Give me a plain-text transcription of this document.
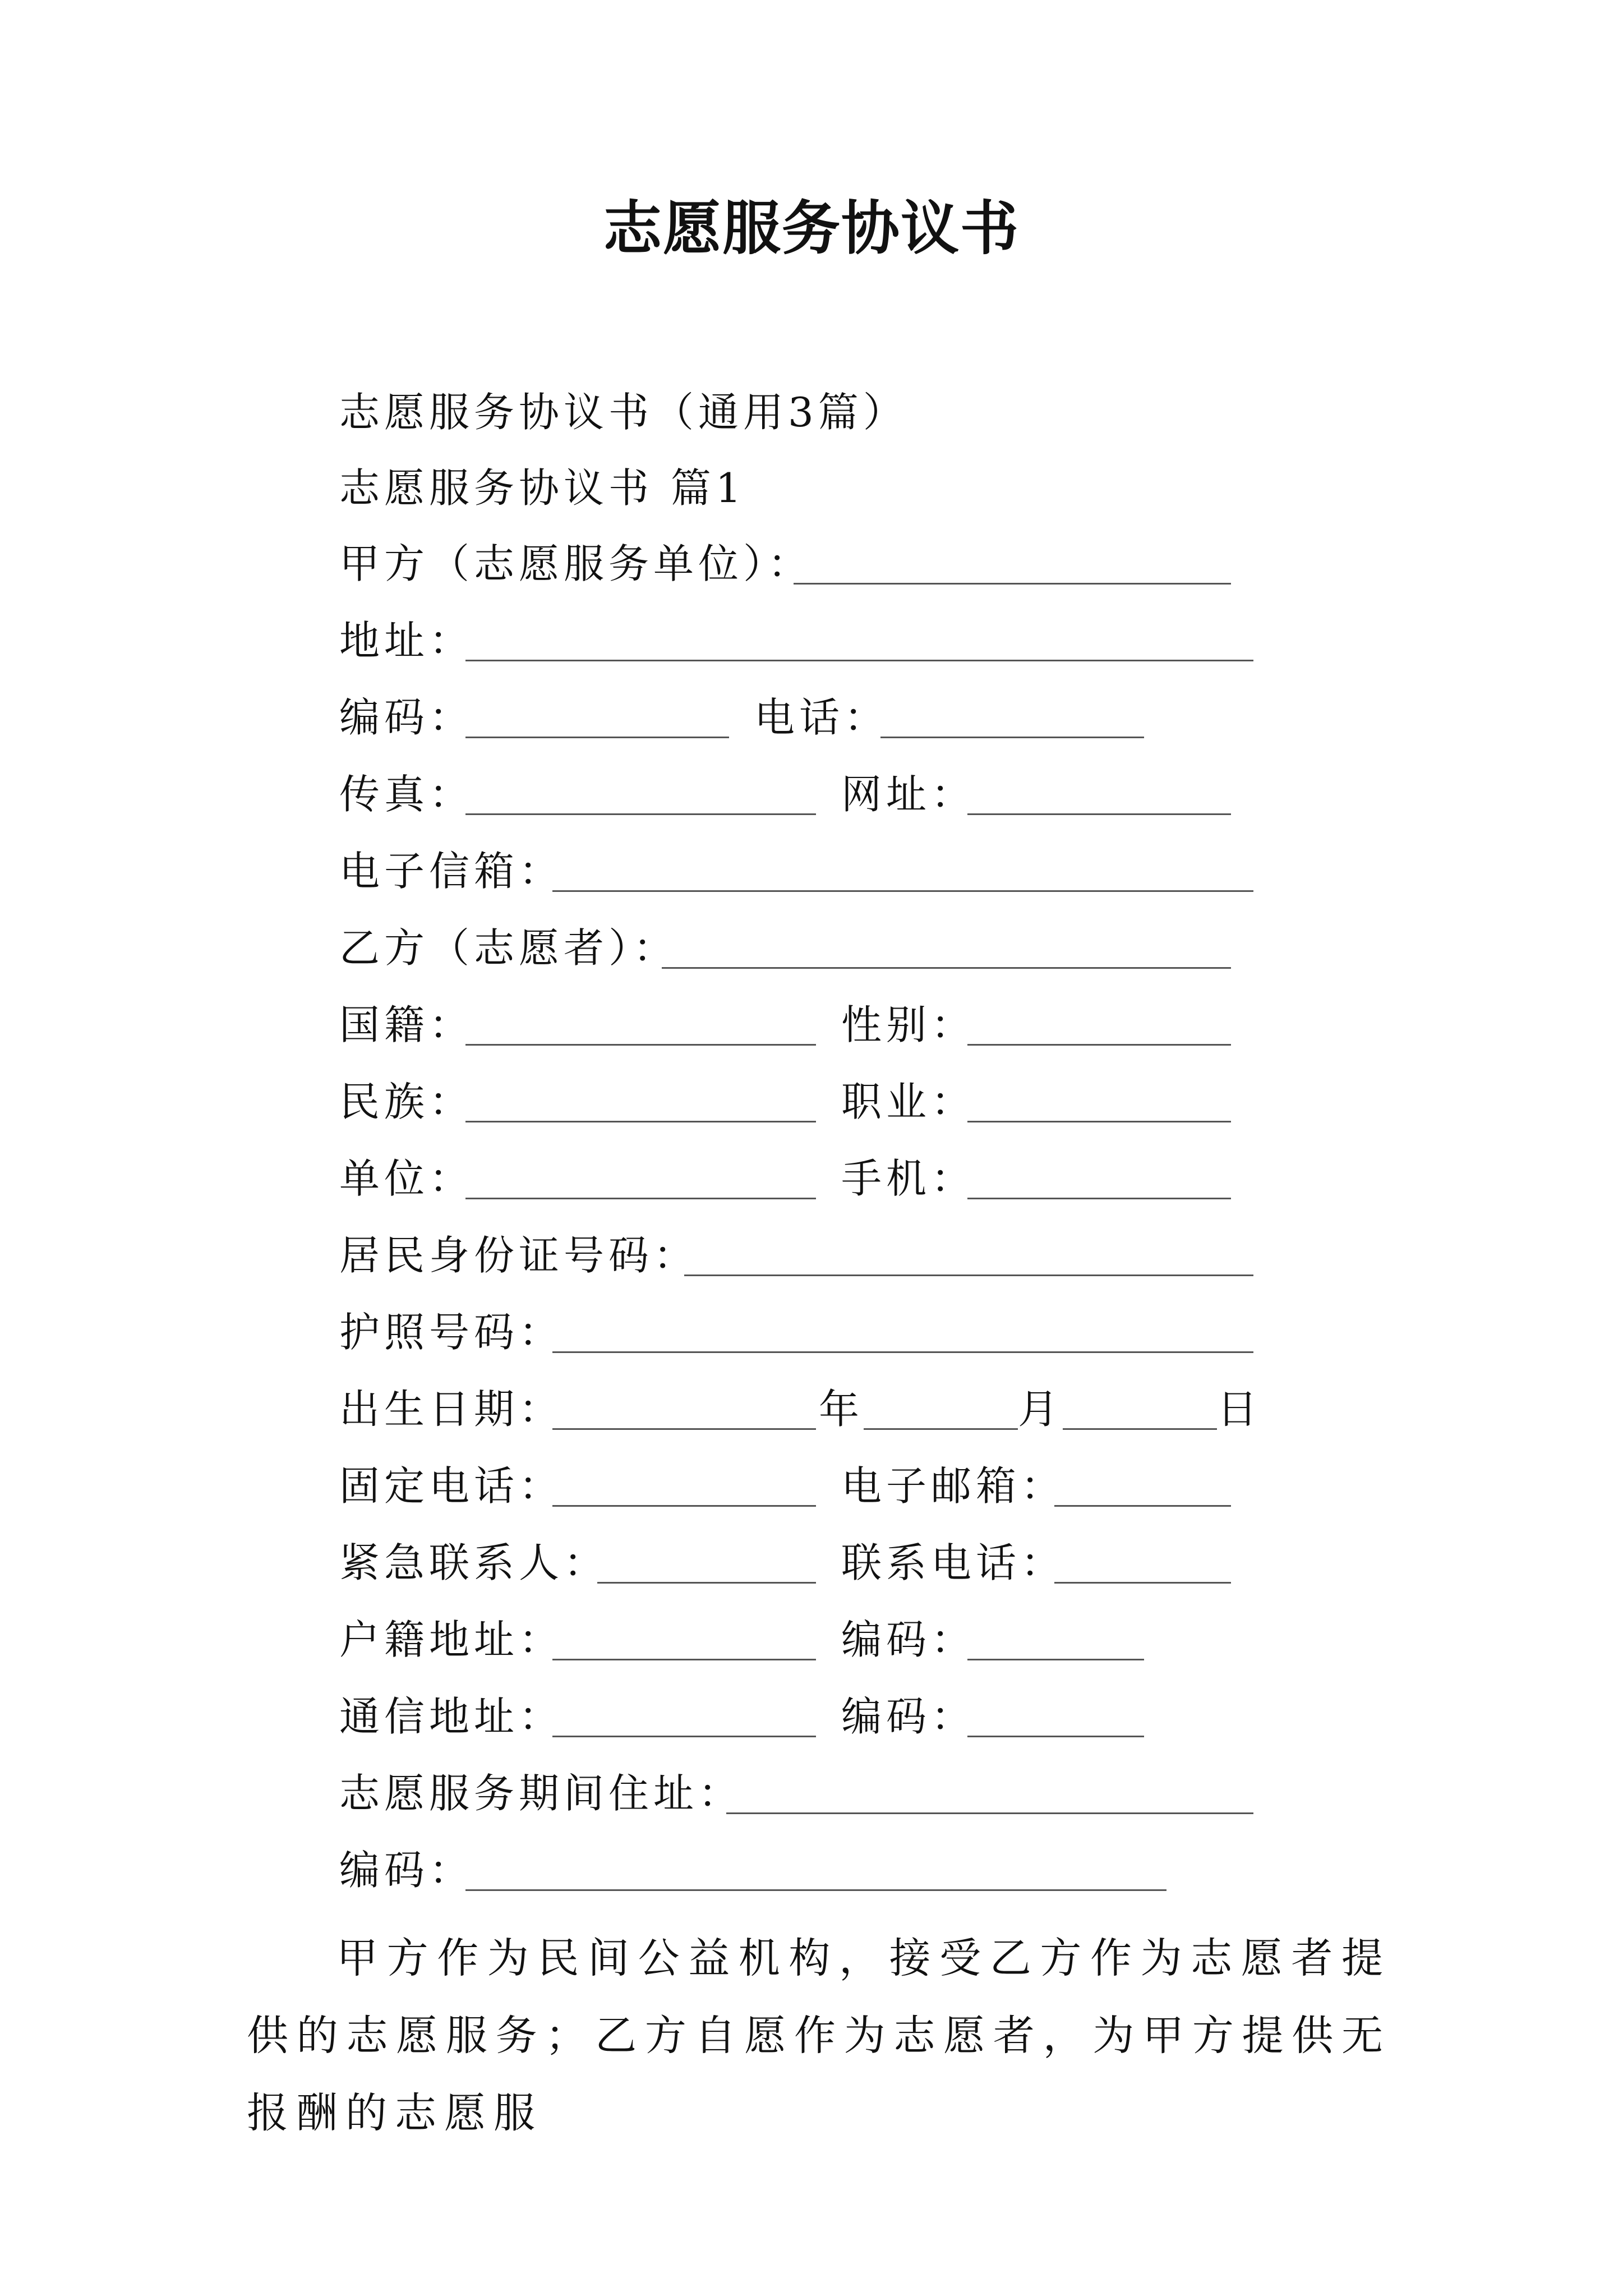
志愿服务协议书
志愿服务协议书（通用3篇）
志愿服务协议书 篇1
甲方（志愿服务单位）：
地址：
编码：	电话：
传真：	网址：
电子信箱：
乙方（志愿者）：
国籍：	性别：
民族：	职业：
单位：	手机：
居民身份证号码：
护照号码：
出生日期：	年	月	日
固定电话：	电子邮箱：
紧急联系人：	联系电话：
户籍地址：	编码：
通信地址：	编码：
志愿服务期间住址：
编码：
甲方作为民间公益机构，接受乙方作为志愿者提供的志愿服务；乙方自愿作为志愿者，为甲方提供无报酬的志愿服
